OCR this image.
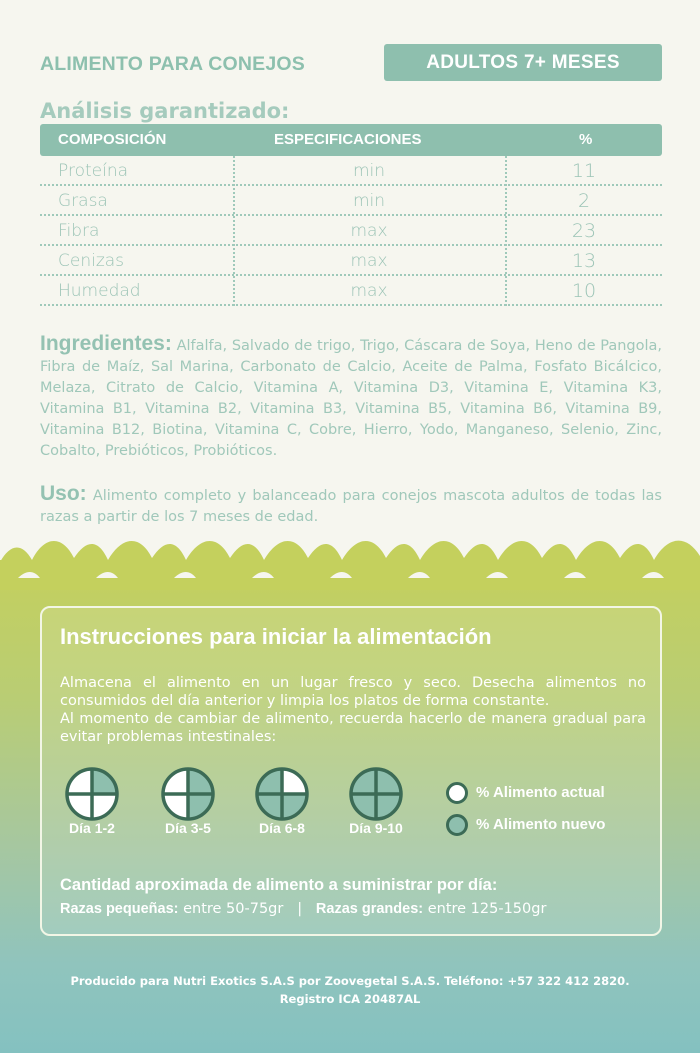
ALIMENTO PARA CONEJOS	ADULTOS 7+ MESES
Análisis garantizado:
COMPOSICIÓN	ESPECIFICACIONES	%
Proteína	min	11
Grasa	min	2
Fibra	max	23
Cenizas	max	13
Humedad	max	10
Ingredientes: Alfalfa, Salvado de trigo, Trigo, Cáscara de Soya, Heno de Pangola, Fibra de Maíz, Sal Marina, Carbonato de Calcio, Aceite de Palma, Fosfato Bicálcico, Melaza, Citrato de Calcio, Vitamina A, Vitamina D3, Vitamina E, Vitamina K3, Vitamina B1, Vitamina B2, Vitamina B3, Vitamina B5, Vitamina B6, Vitamina B9, Vitamina B12, Biotina, Vitamina C, Cobre, Hierro, Yodo, Manganeso, Selenio, Zinc, Cobalto, Prebióticos, Probióticos.
Uso: Alimento completo y balanceado para conejos mascota adultos de todas las razas a partir de los 7 meses de edad.
Instrucciones para iniciar la alimentación

Almacena el alimento en un lugar fresco y seco. Desecha alimentos no consumidos del día anterior y limpia los platos de forma constante.

Al momento de cambiar de alimento, recuerda hacerlo de manera gradual para evitar problemas intestinales:

Día 1-2	Día 3-5	Día 6-8	Día 9-10
% Alimento actual
% Alimento nuevo
Cantidad aproximada de alimento a suministrar por día:
Razas pequeñas: entre 50-75gr | Razas grandes: entre 125-150gr
Producido para Nutri Exotics S.A.S por Zoovegetal S.A.S. Teléfono: +57 322 412 2820.
Registro ICA 20487AL
